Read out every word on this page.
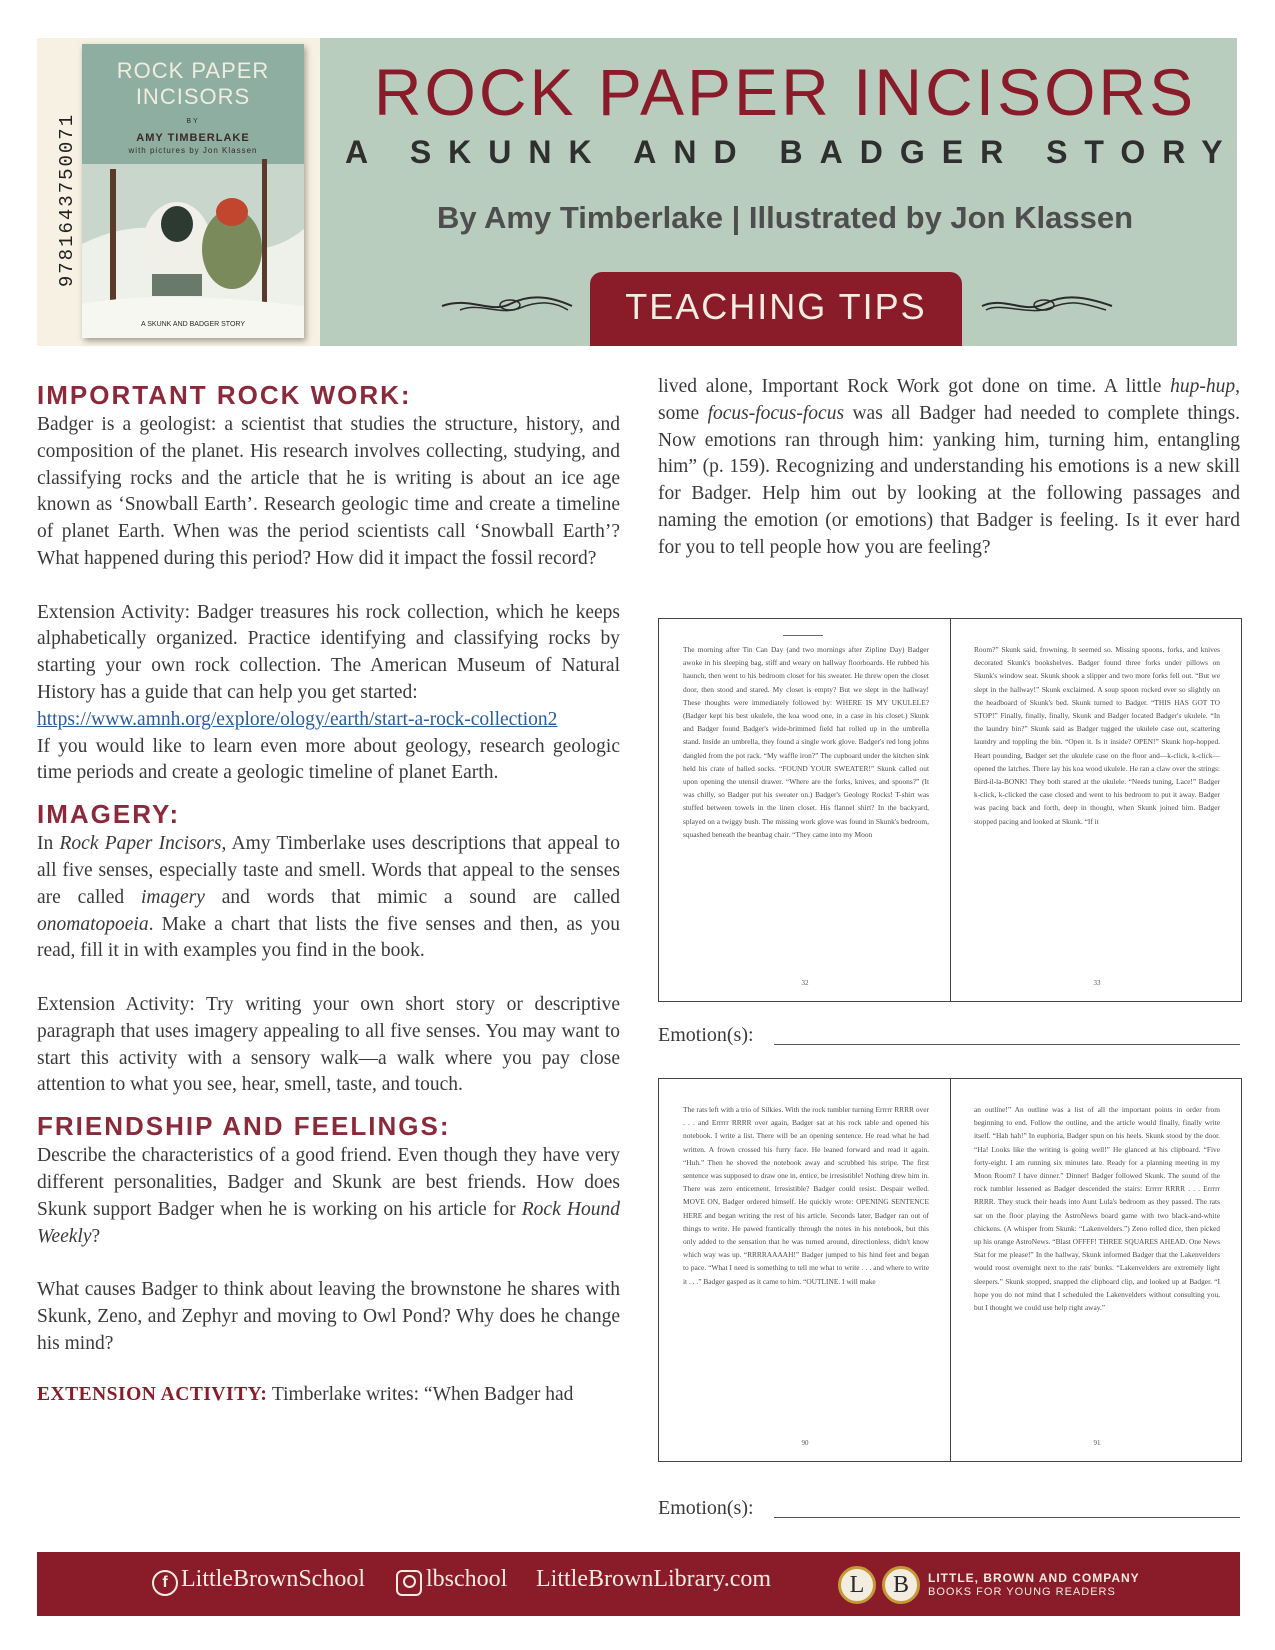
9781643750071
ROCK PAPER
INCISORS
BY
AMY TIMBERLAKE
with pictures by Jon Klassen
A SKUNK AND BADGER STORY
ROCK PAPER INCISORS
A SKUNK AND BADGER STORY
By Amy Timberlake | Illustrated by Jon Klassen
TEACHING TIPS
IMPORTANT ROCK WORK:

Badger is a geologist: a scientist that studies the structure, history, and composition of the planet. His research involves collecting, studying, and classifying rocks and the article that he is writing is about an ice age known as ‘Snowball Earth’. Research geologic time and create a timeline of planet Earth. When was the period scientists call ‘Snowball Earth’? What happened during this period? How did it impact the fossil record?

Extension Activity: Badger treasures his rock collection, which he keeps alphabetically organized. Practice identifying and classifying rocks by starting your own rock collection. The American Museum of Natural History has a guide that can help you get started:

https://www.amnh.org/explore/ology/earth/start-a-rock-collection2

If you would like to learn even more about geology, research geologic time periods and create a geologic timeline of planet Earth.

IMAGERY:

In Rock Paper Incisors, Amy Timberlake uses descriptions that appeal to all five senses, especially taste and smell. Words that appeal to the senses are called imagery and words that mimic a sound are called onomatopoeia. Make a chart that lists the five senses and then, as you read, fill it in with examples you find in the book.

Extension Activity: Try writing your own short story or descriptive paragraph that uses imagery appealing to all five senses. You may want to start this activity with a sensory walk—a walk where you pay close attention to what you see, hear, smell, taste, and touch.

FRIENDSHIP AND FEELINGS:

Describe the characteristics of a good friend. Even though they have very different personalities, Badger and Skunk are best friends. How does Skunk support Badger when he is working on his article for Rock Hound Weekly?

What causes Badger to think about leaving the brownstone he shares with Skunk, Zeno, and Zephyr and moving to Owl Pond? Why does he change his mind?

EXTENSION ACTIVITY: Timberlake writes: “When Badger had

lived alone, Important Rock Work got done on time. A little hup-hup, some focus-focus-focus was all Badger had needed to complete things. Now emotions ran through him: yanking him, turning him, entangling him” (p. 159). Recognizing and understanding his emotions is a new skill for Badger. Help him out by looking at the following passages and naming the emotion (or emotions) that Badger is feeling. Is it ever hard for you to tell people how you are feeling?

The morning after Tin Can Day (and two mornings after Zipline Day) Badger awoke in his sleeping bag, stiff and weary on hallway floorboards. He rubbed his haunch, then went to his bedroom closet for his sweater. He threw open the closet door, then stood and stared. My closet is empty? But we slept in the hallway! These thoughts were immediately followed by: WHERE IS MY UKULELE? (Badger kept his best ukulele, the koa wood one, in a case in his closet.) Skunk and Badger found Badger's wide-brimmed field hat rolled up in the umbrella stand. Inside an umbrella, they found a single work glove. Badger's red long johns dangled from the pot rack. “My waffle iron?” The cupboard under the kitchen sink held his crate of balled socks. “FOUND YOUR SWEATER!” Skunk called out upon opening the utensil drawer. “Where are the forks, knives, and spoons?” (It was chilly, so Badger put his sweater on.) Badger's Geology Rocks! T-shirt was stuffed between towels in the linen closet. His flannel shirt? In the backyard, splayed on a twiggy bush. The missing work glove was found in Skunk's bedroom, squashed beneath the beanbag chair. “They came into my Moon
Room?” Skunk said, frowning. It seemed so. Missing spoons, forks, and knives decorated Skunk's bookshelves. Badger found three forks under pillows on Skunk's window seat. Skunk shook a slipper and two more forks fell out. “But we slept in the hallway!” Skunk exclaimed. A soup spoon rocked ever so slightly on the headboard of Skunk's bed. Skunk turned to Badger. “THIS HAS GOT TO STOP!” Finally, finally, finally, Skunk and Badger located Badger's ukulele. “In the laundry bin?” Skunk said as Badger tugged the ukulele case out, scattering laundry and toppling the bin. “Open it. Is it inside? OPEN!” Skunk hop-hopped. Heart pounding, Badger set the ukulele case on the floor and—k-click, k-click—opened the latches. There lay his koa wood ukulele. He ran a claw over the strings: Bird-il-la-BONK! They both stared at the ukulele. “Needs tuning, Lace!” Badger k-click, k-clicked the case closed and went to his bedroom to put it away. Badger was pacing back and forth, deep in thought, when Skunk joined him. Badger stopped pacing and looked at Skunk. “If it
32	33
Emotion(s):
The rats left with a trio of Silkies. With the rock tumbler turning Errrrr RRRR over . . . and Errrrr RRRR over again, Badger sat at his rock table and opened his notebook. I write a list. There will be an opening sentence. He read what he had written. A frown crossed his furry face. He leaned forward and read it again. “Huh.” Then he shoved the notebook away and scrubbed his stripe. The first sentence was supposed to draw one in, entice, be irresistible! Nothing drew him in. There was zero enticement. Irresistible? Badger could resist. Despair welled. MOVE ON, Badger ordered himself. He quickly wrote: OPENING SENTENCE HERE and began writing the rest of his article. Seconds later, Badger ran out of things to write. He pawed frantically through the notes in his notebook, but this only added to the sensation that he was turned around, directionless, didn't know which way was up. “RRRRAAAAH!” Badger jumped to his hind feet and began to pace. “What I need is something to tell me what to write . . . and where to write it . . .” Badger gasped as it came to him. “OUTLINE. I will make
an outline!” An outline was a list of all the important points in order from beginning to end. Follow the outline, and the article would finally, finally write itself. “Hah hah!” In euphoria, Badger spun on his heels. Skunk stood by the door. “Ha! Looks like the writing is going well!” He glanced at his clipboard. “Five forty-eight. I am running six minutes late. Ready for a planning meeting in my Moon Room? I have dinner.” Dinner! Badger followed Skunk. The sound of the rock tumbler lessened as Badger descended the stairs: Errrrr RRRR . . . Errrrr RRRR. They stuck their heads into Aunt Lula's bedroom as they passed. The rats sat on the floor playing the AstroNews board game with two black-and-white chickens. (A whisper from Skunk: “Lakenvelders.”) Zeno rolled dice, then picked up his orange AstroNews. “Blast OFFFF! THREE SQUARES AHEAD. One News Stat for me please!” In the hallway, Skunk informed Badger that the Lakenvelders would roost overnight next to the rats' bunks. “Lakenvelders are extremely light sleepers.” Skunk stopped, snapped the clipboard clip, and looked up at Badger. “I hope you do not mind that I scheduled the Lakenvelders without consulting you, but I thought we could use help right away.”
90	91
Emotion(s):
f LittleBrownSchool	lbschool LittleBrownLibrary.com	L	B	LITTLE, BROWN AND COMPANY
BOOKS FOR YOUNG READERS
